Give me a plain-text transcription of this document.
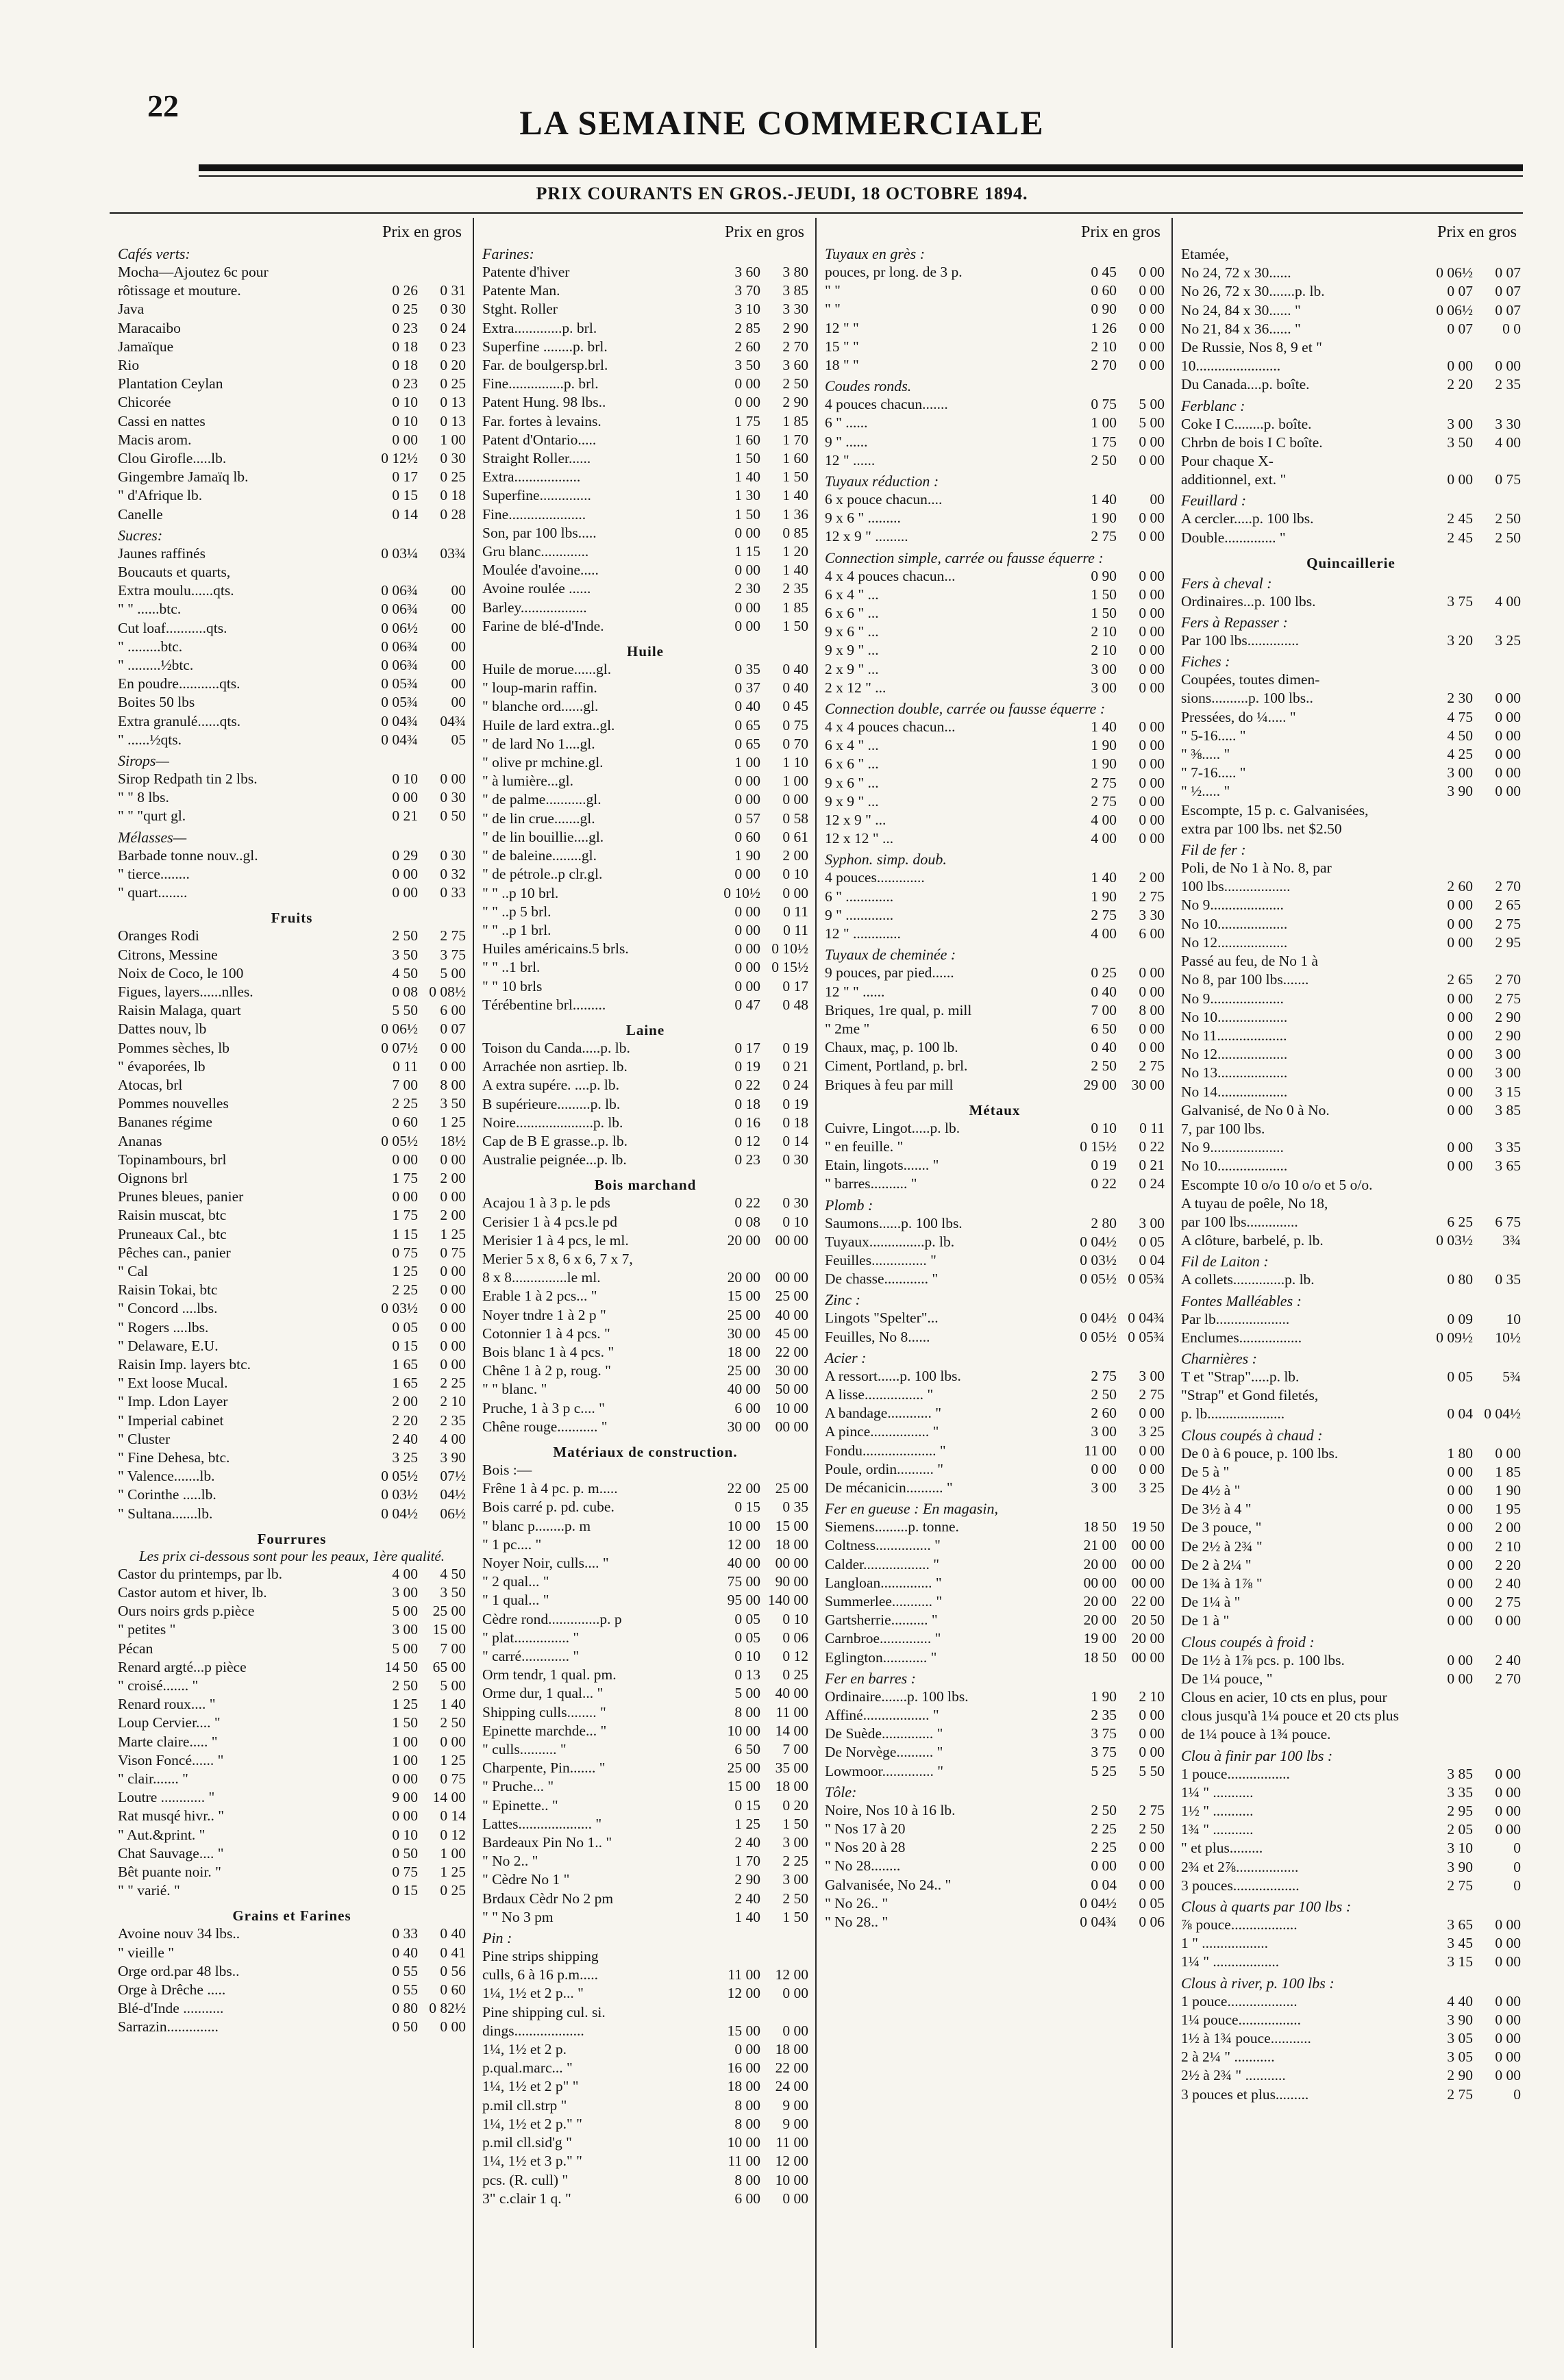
22	LA SEMAINE COMMERCIALE
PRIX COURANTS EN GROS.-JEUDI, 18 OCTOBRE 1894.
Prix en gros
Cafés verts:
Mocha—Ajoutez 6c pour
rôtissage et mouture.	0 26	0 31
Java	0 25	0 30
Maracaibo	0 23	0 24
Jamaïque	0 18	0 23
Rio	0 18	0 20
Plantation Ceylan	0 23	0 25
Chicorée	0 10	0 13
Cassi en nattes	0 10	0 13
Macis arom.	0 00	1 00
Clou Girofle.....lb.	0 12½	0 30
Gingembre Jamaïq lb.	0 17	0 25
" d'Afrique lb.	0 15	0 18
Canelle	0 14	0 28
Sucres:
Jaunes raffinés	0 03¼	03¾
Boucauts et quarts,
Extra moulu......qts.	0 06¾	00
" " ......btc.	0 06¾	00
Cut loaf...........qts.	0 06½	00
" .........btc.	0 06¾	00
" .........½btc.	0 06¾	00
En poudre...........qts.	0 05¾	00
Boites 50 lbs	0 05¾	00
Extra granulé......qts.	0 04¾	04¾
" ......½qts.	0 04¾	05
Sirops—
Sirop Redpath tin 2 lbs.	0 10	0 00
" " 8 lbs.	0 00	0 30
" " "qurt gl.	0 21	0 50
Mélasses—
Barbade tonne nouv..gl.	0 29	0 30
" tierce........	0 00	0 32
" quart........	0 00	0 33
Fruits
Oranges Rodi	2 50	2 75
Citrons, Messine	3 50	3 75
Noix de Coco, le 100	4 50	5 00
Figues, layers......nlles.	0 08 0 08½
Raisin Malaga, quart	5 50	6 00
Dattes nouv, lb	0 06½	0 07
Pommes sèches, lb	0 07½	0 00
" évaporées, lb	0 11	0 00
Atocas, brl	7 00	8 00
Pommes nouvelles	2 25	3 50
Bananes régime	0 60	1 25
Ananas	0 05½	18½
Topinambours, brl	0 00	0 00
Oignons brl	1 75	2 00
Prunes bleues, panier	0 00	0 00
Raisin muscat, btc	1 75	2 00
Pruneaux Cal., btc	1 15	1 25
Pêches can., panier	0 75	0 75
" Cal	1 25	0 00
Raisin Tokai, btc	2 25	0 00
" Concord ....lbs.	0 03½	0 00
" Rogers ....lbs.	0 05	0 00
" Delaware, E.U.	0 15	0 00
Raisin Imp. layers btc.	1 65	0 00
" Ext loose Mucal.	1 65	2 25
" Imp. Ldon Layer	2 00	2 10
" Imperial cabinet	2 20	2 35
" Cluster	2 40	4 00
" Fine Dehesa, btc.	3 25	3 90
" Valence.......lb.	0 05½	07½
" Corinthe .....lb.	0 03½	04½
" Sultana.......lb.	0 04½	06½
Fourrures
Les prix ci-dessous sont pour les peaux, 1ère qualité.
Castor du printemps, par lb.	4 00	4 50
Castor autom et hiver, lb.	3 00	3 50
Ours noirs grds p.pièce	5 00	25 00
" petites "	3 00	15 00
Pécan	5 00	7 00
Renard argté...p pièce	14 50	65 00
" croisé....... "	2 50	5 00
Renard roux.... "	1 25	1 40
Loup Cervier.... "	1 50	2 50
Marte claire..... "	1 00	0 00
Vison Foncé...... "	1 00	1 25
" clair....... "	0 00	0 75
Loutre ............ "	9 00	14 00
Rat musqé hivr.. "	0 00	0 14
" Aut.&print. "	0 10	0 12
Chat Sauvage.... "	0 50	1 00
Bêt puante noir. "	0 75	1 25
" " varié. "	0 15	0 25
Grains et Farines
Avoine nouv 34 lbs..	0 33	0 40
" vieille "	0 40	0 41
Orge ord.par 48 lbs..	0 55	0 56
Orge à Drêche .....	0 55	0 60
Blé-d'Inde ...........	0 80 0 82½
Sarrazin..............	0 50	0 00
Prix en gros
Farines:
Patente d'hiver	3 60	3 80
Patente Man.	3 70	3 85
Stght. Roller	3 10	3 30
Extra.............p. brl.	2 85	2 90
Superfine ........p. brl.	2 60	2 70
Far. de boulgersp.brl.	3 50	3 60
Fine...............p. brl.	0 00	2 50
Patent Hung. 98 lbs..	0 00	2 90
Far. fortes à levains.	1 75	1 85
Patent d'Ontario.....	1 60	1 70
Straight Roller......	1 50	1 60
Extra..................	1 40	1 50
Superfine..............	1 30	1 40
Fine.....................	1 50	1 36
Son, par 100 lbs.....	0 00	0 85
Gru blanc.............	1 15	1 20
Moulée d'avoine.....	0 00	1 40
Avoine roulée ......	2 30	2 35
Barley..................	0 00	1 85
Farine de blé-d'Inde.	0 00	1 50
Huile
Huile de morue......gl.	0 35	0 40
" loup-marin raffin.	0 37	0 40
" blanche ord......gl.	0 40	0 45
Huile de lard extra..gl.	0 65	0 75
" de lard No 1....gl.	0 65	0 70
" olive pr mchine.gl.	1 00	1 10
" à lumière...gl.	0 00	1 00
" de palme...........gl.	0 00	0 00
" de lin crue.......gl.	0 57	0 58
" de lin bouillie....gl.	0 60	0 61
" de baleine........gl.	1 90	2 00
" de pétrole..p clr.gl.	0 00	0 10
" " ..p 10 brl.	0 10½	0 00
" " ..p 5 brl.	0 00	0 11
" " ..p 1 brl.	0 00	0 11
Huiles américains.5 brls.	0 00 0 10½
" " ..1 brl.	0 00 0 15½
" " 10 brls	0 00	0 17
Térébentine brl.........	0 47	0 48
Laine
Toison du Canda.....p. lb.	0 17	0 19
Arrachée non asrtiep. lb.	0 19	0 21
A extra supére. ....p. lb.	0 22	0 24
B supérieure.........p. lb.	0 18	0 19
Noire.....................p. lb.	0 16	0 18
Cap de B E grasse..p. lb.	0 12	0 14
Australie peignée...p. lb.	0 23	0 30
Bois marchand
Acajou 1 à 3 p. le pds	0 22	0 30
Cerisier 1 à 4 pcs.le pd	0 08	0 10
Merisier 1 à 4 pcs, le ml.	20 00	00 00
Merier 5 x 8, 6 x 6, 7 x 7,
8 x 8...............le ml.	20 00	00 00
Erable 1 à 2 pcs... "	15 00	25 00
Noyer tndre 1 à 2 p "	25 00	40 00
Cotonnier 1 à 4 pcs. "	30 00	45 00
Bois blanc 1 à 4 pcs. "	18 00	22 00
Chêne 1 à 2 p, roug. "	25 00	30 00
" " blanc. "	40 00	50 00
Pruche, 1 à 3 p c.... "	6 00	10 00
Chêne rouge........... "	30 00	00 00
Matériaux de construction.
Bois :—
Frêne 1 à 4 pc. p. m.....	22 00	25 00
Bois carré p. pd. cube.	0 15	0 35
" blanc p........p. m	10 00	15 00
" 1 pc.... "	12 00	18 00
Noyer Noir, culls.... "	40 00	00 00
" 2 qual... "	75 00	90 00
" 1 qual... "	95 00 140 00
Cèdre rond..............p. p	0 05	0 10
" plat............... "	0 05	0 06
" carré............. "	0 10	0 12
Orm tendr, 1 qual. pm.	0 13	0 25
Orme dur, 1 qual... "	5 00	40 00
Shipping culls........ "	8 00	11 00
Epinette marchde... "	10 00	14 00
" culls.......... "	6 50	7 00
Charpente, Pin....... "	25 00	35 00
" Pruche... "	15 00	18 00
" Epinette.. "	0 15	0 20
Lattes.................... "	1 25	1 50
Bardeaux Pin No 1.. "	2 40	3 00
" No 2.. "	1 70	2 25
" Cèdre No 1 "	2 90	3 00
Brdaux Cèdr No 2 pm	2 40	2 50
" " No 3 pm	1 40	1 50
Pin :
Pine strips shipping
culls, 6 à 16 p.m.....	11 00	12 00
1¼, 1½ et 2 p... "	12 00	0 00
Pine shipping cul. si.
dings...................	15 00	0 00
1¼, 1½ et 2 p.	0 00	18 00
p.qual.marc... "	16 00	22 00
1¼, 1½ et 2 p" "	18 00	24 00
p.mil cll.strp "	8 00	9 00
1¼, 1½ et 2 p." "	8 00	9 00
p.mil cll.sid'g "	10 00	11 00
1¼, 1½ et 3 p." "	11 00	12 00
pcs. (R. cull) "	8 00	10 00
3" c.clair 1 q. "	6 00	0 00
Prix en gros
Tuyaux en grès :
pouces, pr long. de 3 p.	0 45	0 00
" "	0 60	0 00
" "	0 90	0 00
12 " "	1 26	0 00
15 " "	2 10	0 00
18 " "	2 70	0 00
Coudes ronds.
4 pouces chacun.......	0 75	5 00
6 " ......	1 00	5 00
9 " ......	1 75	0 00
12 " ......	2 50	0 00
Tuyaux réduction :
6 x pouce chacun....	1 40	00
9 x 6 " .........	1 90	0 00
12 x 9 " .........	2 75	0 00
Connection simple, carrée ou fausse équerre :
4 x 4 pouces chacun...	0 90	0 00
6 x 4 " ...	1 50	0 00
6 x 6 " ...	1 50	0 00
9 x 6 " ...	2 10	0 00
9 x 9 " ...	2 10	0 00
2 x 9 " ...	3 00	0 00
2 x 12 " ...	3 00	0 00
Connection double, carrée ou fausse équerre :
4 x 4 pouces chacun...	1 40	0 00
6 x 4 " ...	1 90	0 00
6 x 6 " ...	1 90	0 00
9 x 6 " ...	2 75	0 00
9 x 9 " ...	2 75	0 00
12 x 9 " ...	4 00	0 00
12 x 12 " ...	4 00	0 00
Syphon. simp. doub.
4 pouces.............	1 40	2 00
6 " .............	1 90	2 75
9 " .............	2 75	3 30
12 " .............	4 00	6 00
Tuyaux de cheminée :
9 pouces, par pied......	0 25	0 00
12 " " ......	0 40	0 00
Briques, 1re qual, p. mill	7 00	8 00
" 2me "	6 50	0 00
Chaux, maç, p. 100 lb.	0 40	0 00
Ciment, Portland, p. brl.	2 50	2 75
Briques à feu par mill	29 00	30 00
Métaux
Cuivre, Lingot.....p. lb.	0 10	0 11
" en feuille. "	0 15½	0 22
Etain, lingots....... "	0 19	0 21
" barres.......... "	0 22	0 24
Plomb :
Saumons......p. 100 lbs.	2 80	3 00
Tuyaux...............p. lb.	0 04½	0 05
Feuilles............... "	0 03½	0 04
De chasse............ "	0 05½ 0 05¾
Zinc :
Lingots "Spelter"...	0 04½ 0 04¾
Feuilles, No 8......	0 05½ 0 05¾
Acier :
A ressort......p. 100 lbs.	2 75	3 00
A lisse................ "	2 50	2 75
A bandage............ "	2 60	0 00
A pince................ "	3 00	3 25
Fondu.................... "	11 00	0 00
Poule, ordin.......... "	0 00	0 00
De mécanicin.......... "	3 00	3 25
Fer en gueuse : En magasin,
Siemens.........p. tonne.	18 50	19 50
Coltness............... "	21 00	00 00
Calder.................. "	20 00	00 00
Langloan.............. "	00 00	00 00
Summerlee........... "	20 00	22 00
Gartsherrie.......... "	20 00	20 50
Carnbroe.............. "	19 00	20 00
Eglington............ "	18 50	00 00
Fer en barres :
Ordinaire.......p. 100 lbs.	1 90	2 10
Affiné.................. "	2 35	0 00
De Suède.............. "	3 75	0 00
De Norvège.......... "	3 75	0 00
Lowmoor.............. "	5 25	5 50
Tôle:
Noire, Nos 10 à 16 lb.	2 50	2 75
" Nos 17 à 20	2 25	2 50
" Nos 20 à 28	2 25	0 00
" No 28........	0 00	0 00
Galvanisée, No 24.. "	0 04	0 00
" No 26.. "	0 04½	0 05
" No 28.. "	0 04¾	0 06
Prix en gros
Etamée,
No 24, 72 x 30......	0 06½	0 07
No 26, 72 x 30.......p. lb.	0 07	0 07
No 24, 84 x 30...... "	0 06½	0 07
No 21, 84 x 36...... "	0 07	0 0
De Russie, Nos 8, 9 et "
10.......................	0 00	0 00
Du Canada....p. boîte.	2 20	2 35
Ferblanc :
Coke I C........p. boîte.	3 00	3 30
Chrbn de bois I C boîte.	3 50	4 00
Pour chaque X-
additionnel, ext. "	0 00	0 75
Feuillard :
A cercler.....p. 100 lbs.	2 45	2 50
Double.............. "	2 45	2 50
Quincaillerie
Fers à cheval :
Ordinaires...p. 100 lbs.	3 75	4 00
Fers à Repasser :
Par 100 lbs..............	3 20	3 25
Fiches :
Coupées, toutes dimen-
sions..........p. 100 lbs..	2 30	0 00
Pressées, do ¼..... "	4 75	0 00
" 5-16..... "	4 50	0 00
" ⅜..... "	4 25	0 00
" 7-16..... "	3 00	0 00
" ½..... "	3 90	0 00
Escompte, 15 p. c. Galvanisées,
extra par 100 lbs. net $2.50
Fil de fer :
Poli, de No 1 à No. 8, par
100 lbs..................	2 60	2 70
No 9....................	0 00	2 65
No 10...................	0 00	2 75
No 12...................	0 00	2 95
Passé au feu, de No 1 à
No 8, par 100 lbs.......	2 65	2 70
No 9....................	0 00	2 75
No 10...................	0 00	2 90
No 11...................	0 00	2 90
No 12...................	0 00	3 00
No 13...................	0 00	3 00
No 14...................	0 00	3 15
Galvanisé, de No 0 à No.	0 00	3 85
7, par 100 lbs.
No 9....................	0 00	3 35
No 10...................	0 00	3 65
Escompte 10 o/o 10 o/o et 5 o/o.
A tuyau de poêle, No 18,
par 100 lbs..............	6 25	6 75
A clôture, barbelé, p. lb.	0 03½	3¾
Fil de Laiton :
A collets..............p. lb.	0 80	0 35
Fontes Malléables :
Par lb....................	0 09	10
Enclumes.................	0 09½	10½
Charnières :
T et "Strap".....p. lb.	0 05	5¾
"Strap" et Gond filetés,
p. lb.....................	0 04 0 04½
Clous coupés à chaud :
De 0 à 6 pouce, p. 100 lbs.	1 80	0 00
De 5 à "	0 00	1 85
De 4½ à "	0 00	1 90
De 3½ à 4 "	0 00	1 95
De 3 pouce, "	0 00	2 00
De 2½ à 2¾ "	0 00	2 10
De 2 à 2¼ "	0 00	2 20
De 1¾ à 1⅞ "	0 00	2 40
De 1¼ à "	0 00	2 75
De 1 à "	0 00	0 00
Clous coupés à froid :
De 1½ à 1⅞ pcs. p. 100 lbs.	0 00	2 40
De 1¼ pouce, "	0 00	2 70
Clous en acier, 10 cts en plus, pour
clous jusqu'à 1¼ pouce et 20 cts plus
de 1¼ pouce à 1¾ pouce.
Clou à finir par 100 lbs :
1 pouce.................	3 85	0 00
1¼ " ...........	3 35	0 00
1½ " ...........	2 95	0 00
1¾ " ...........	2 05	0 00
" et plus.........	3 10	0
2¾ et 2⅞.................	3 90	0
3 pouces..................	2 75	0
Clous à quarts par 100 lbs :
⅞ pouce..................	3 65	0 00
1 " ..................	3 45	0 00
1¼ " ..................	3 15	0 00
Clous à river, p. 100 lbs :
1 pouce...................	4 40	0 00
1¼ pouce.................	3 90	0 00
1½ à 1¾ pouce...........	3 05	0 00
2 à 2¼ " ...........	3 05	0 00
2½ à 2¾ " ...........	2 90	0 00
3 pouces et plus.........	2 75	0
